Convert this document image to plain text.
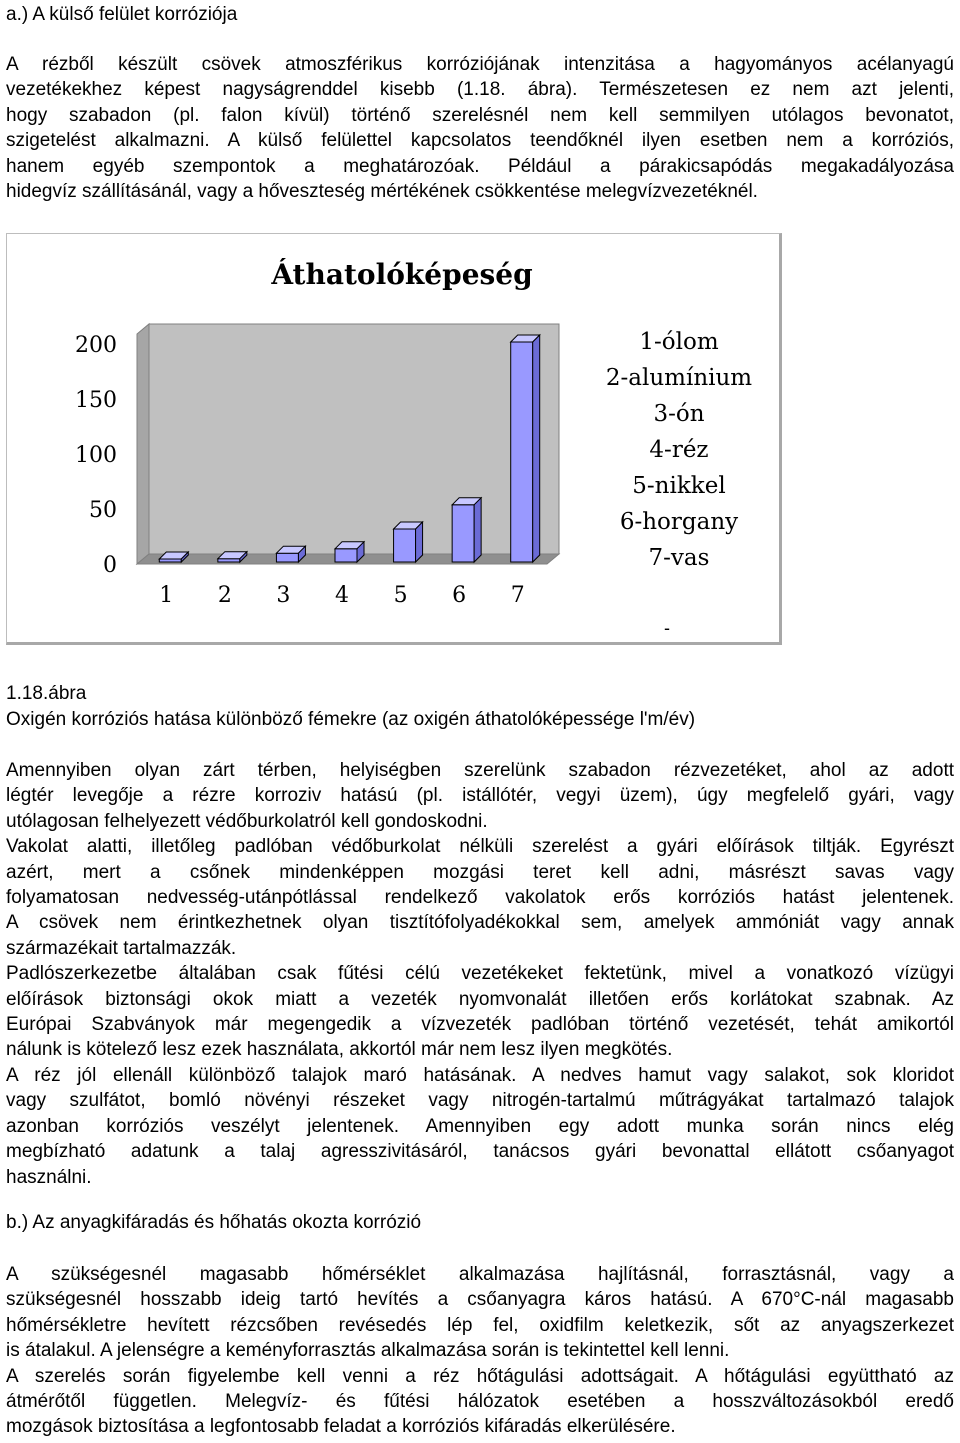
a.) A külső felület korróziója
A rézből készült csövek atmoszférikus korróziójának intenzitása a hagyományos acélanyagú
vezetékekhez képest nagyságrenddel kisebb (1.18. ábra). Természetesen ez nem azt jelenti,
hogy szabadon (pl. falon kívül) történő szerelésnél nem kell semmilyen utólagos bevonatot,
szigetelést alkalmazni. A külső felülettel kapcsolatos teendőknél ilyen esetben nem a korróziós,
hanem egyéb szempontok a meghatározóak. Például a párakicsapódás megakadályozása
hidegvíz szállításánál, vagy a hőveszteség mértékének csökkentése melegvízvezetéknél.
Áthatolóképeség
0
50
100
150
200
1 2 3 4 5 6 7
1-ólom
2-alumínium
3-ón
4-réz
5-nikkel
6-horgany
7-vas
-
1.18.ábra
Oxigén korróziós hatása különböző fémekre (az oxigén áthatolóképessége l'm/év)
Amennyiben olyan zárt térben, helyiségben szerelünk szabadon rézvezetéket, ahol az adott
légtér levegője a rézre korroziv hatású (pl. istállótér, vegyi üzem), úgy megfelelő gyári, vagy
utólagosan felhelyezett védőburkolatról kell gondoskodni.
Vakolat alatti, illetőleg padlóban védőburkolat nélküli szerelést a gyári előírások tiltják. Egyrészt
azért, mert a csőnek mindenképpen mozgási teret kell adni, másrészt savas vagy
folyamatosan nedvesség-utánpótlással rendelkező vakolatok erős korróziós hatást jelentenek.
A csövek nem érintkezhetnek olyan tisztítófolyadékokkal sem, amelyek ammóniát vagy annak
származékait tartalmazzák.
Padlószerkezetbe általában csak fűtési célú vezetékeket fektetünk, mivel a vonatkozó vízügyi
előírások biztonsági okok miatt a vezeték nyomvonalát illetően erős korlátokat szabnak. Az
Európai Szabványok már megengedik a vízvezeték padlóban történő vezetését, tehát amikortól
nálunk is kötelező lesz ezek használata, akkortól már nem lesz ilyen megkötés.
A réz jól ellenáll különböző talajok maró hatásának. A nedves hamut vagy salakot, sok kloridot
vagy szulfátot, bomló növényi részeket vagy nitrogén-tartalmú műtrágyákat tartalmazó talajok
azonban korróziós veszélyt jelentenek. Amennyiben egy adott munka során nincs elég
megbízható adatunk a talaj agresszivitásáról, tanácsos gyári bevonattal ellátott csőanyagot
használni.
b.) Az anyagkifáradás és hőhatás okozta korrózió
A szükségesnél magasabb hőmérséklet alkalmazása hajlításnál, forrasztásnál, vagy a
szükségesnél hosszabb ideig tartó hevítés a csőanyagra káros hatású. A 670°C-nál magasabb
hőmérsékletre hevített rézcsőben revésedés lép fel, oxidfilm keletkezik, sőt az anyagszerkezet
is átalakul. A jelenségre a keményforrasztás alkalmazása során is tekintettel kell lenni.
A szerelés során figyelembe kell venni a réz hőtágulási adottságait. A hőtágulási együttható az
átmérőtől független. Melegvíz- és fűtési hálózatok esetében a hosszváltozásokból eredő
mozgások biztosítása a legfontosabb feladat a korróziós kifáradás elkerülésére.
